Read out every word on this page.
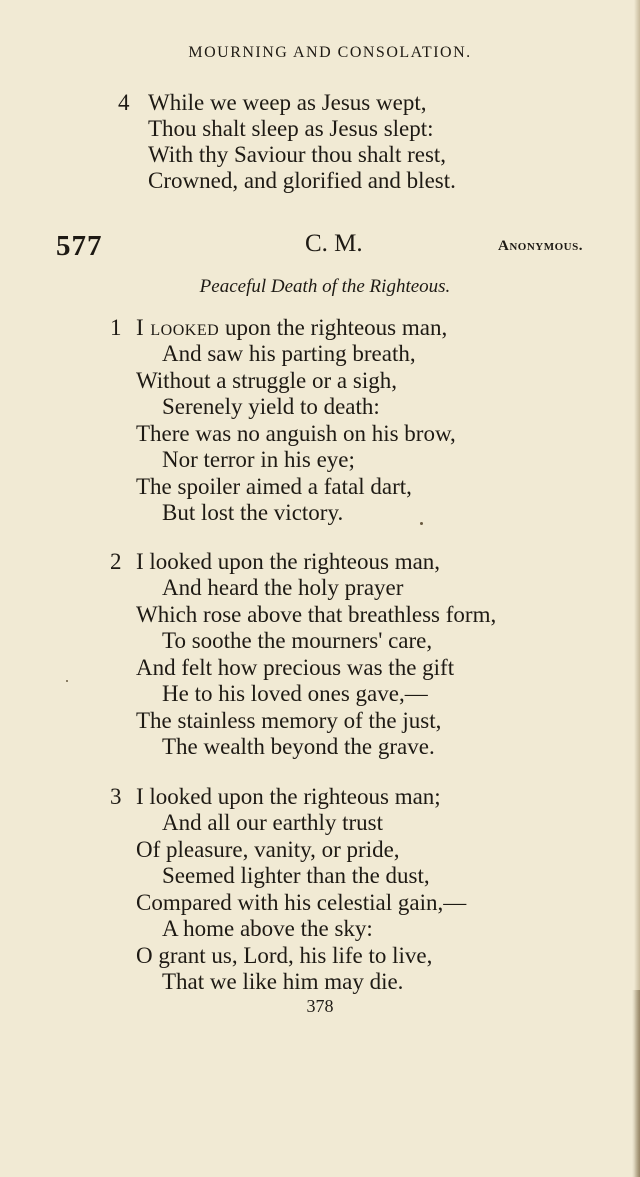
MOURNING AND CONSOLATION.
4 While we weep as Jesus wept,
Thou shalt sleep as Jesus slept:
With thy Saviour thou shalt rest,
Crowned, and glorified and blest.
577	C. M.	Anonymous.
Peaceful Death of the Righteous.
1 I looked upon the righteous man,
And saw his parting breath,
Without a struggle or a sigh,
Serenely yield to death:
There was no anguish on his brow,
Nor terror in his eye;
The spoiler aimed a fatal dart,
But lost the victory.
2 I looked upon the righteous man,
And heard the holy prayer
Which rose above that breathless form,
To soothe the mourners' care,
And felt how precious was the gift
He to his loved ones gave,—
The stainless memory of the just,
The wealth beyond the grave.
3 I looked upon the righteous man;
And all our earthly trust
Of pleasure, vanity, or pride,
Seemed lighter than the dust,
Compared with his celestial gain,—
A home above the sky:
O grant us, Lord, his life to live,
That we like him may die.
378
